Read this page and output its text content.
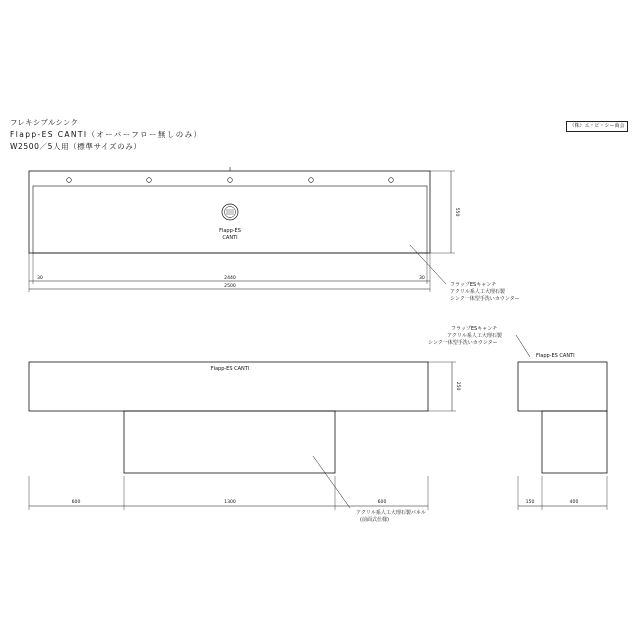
フレキシブルシンク
Flapp-ES CANTI（オーバーフロー無しのみ）
W2500／5人用（標準サイズのみ）
（株）エ・ビ・シー商会
Flapp-ES
CANTI
550
30	2440	30
2500	フラップESキャンチ
アクリル系人工大理石製
シンク一体型手洗いカウンター
Flapp-ES CANTI
250
600	1300	600
アクリル系人工大理石製パネル
(前面式仕様)
Flapp-ES CANTI
150	400
フラップESキャンチ
アクリル系人工大理石製
シンク一体型手洗いカウンター
